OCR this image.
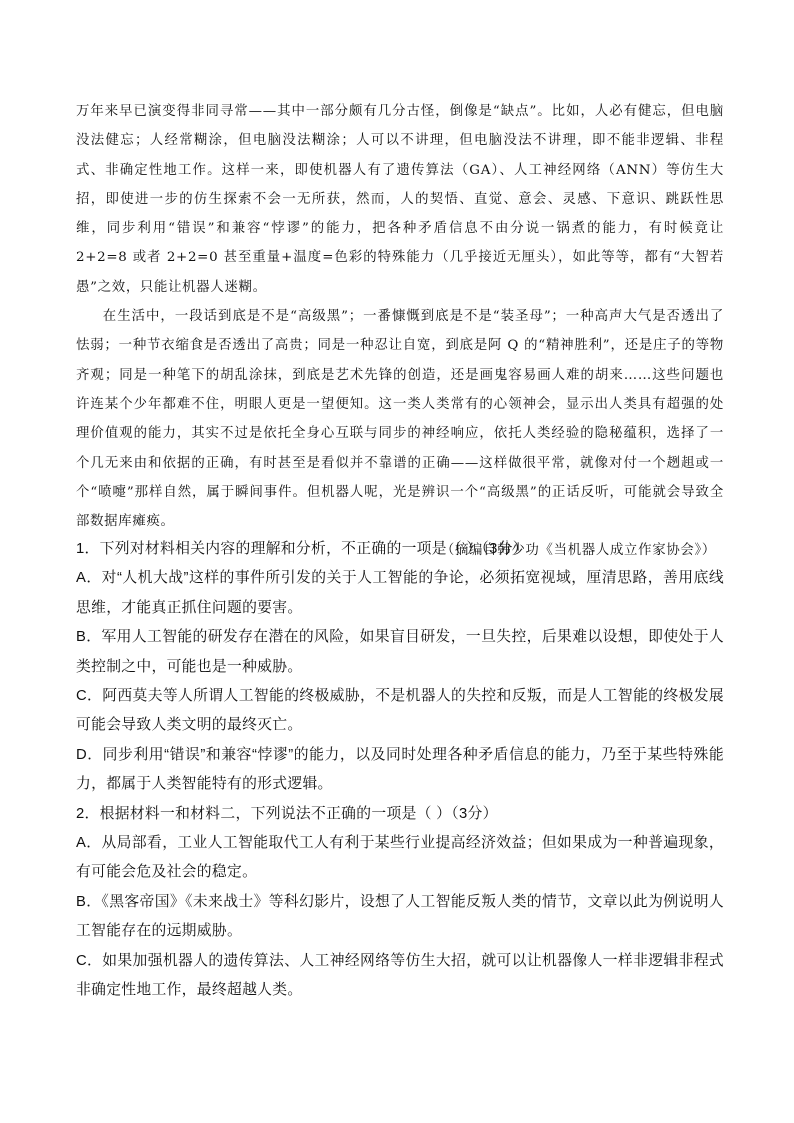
万年来早已演变得非同寻常——其中一部分颇有几分古怪，倒像是“缺点”。比如，人必有健忘，但电脑没法健忘；人经常糊涂，但电脑没法糊涂；人可以不讲理，但电脑没法不讲理，即不能非逻辑、非程式、非确定性地工作。这样一来，即使机器人有了遗传算法（GA）、人工神经网络（ANN）等仿生大招，即使进一步的仿生探索不会一无所获，然而，人的契悟、直觉、意会、灵感、下意识、跳跃性思维，同步利用“错误”和兼容“悖谬”的能力，把各种矛盾信息不由分说一锅煮的能力，有时候竟让 2+2=8 或者 2+2=0 甚至重量+温度=色彩的特殊能力（几乎接近无厘头），如此等等，都有“大智若愚”之效，只能让机器人迷糊。

在生活中，一段话到底是不是“高级黑”；一番慷慨到底是不是“装圣母”；一种高声大气是否透出了怯弱；一种节衣缩食是否透出了高贵；同是一种忍让自宽，到底是阿 Q 的“精神胜利”，还是庄子的等物齐观；同是一种笔下的胡乱涂抹，到底是艺术先锋的创造，还是画鬼容易画人难的胡来……这些问题也许连某个少年都难不住，明眼人更是一望便知。这一类人类常有的心领神会，显示出人类具有超强的处理价值观的能力，其实不过是依托全身心互联与同步的神经响应，依托人类经验的隐秘蕴积，选择了一个几无来由和依据的正确，有时甚至是看似并不靠谱的正确——这样做很平常，就像对付一个趔趄或一个“喷嚏”那样自然，属于瞬间事件。但机器人呢，光是辨识一个“高级黑”的正话反听，可能就会导致全部数据库瘫痪。

（摘编自韩少功《当机器人成立作家协会》）

1．下列对材料相关内容的理解和分析，不正确的一项是（ ）（3分）

A．对“人机大战”这样的事件所引发的关于人工智能的争论，必须拓宽视域，厘清思路，善用底线思维，才能真正抓住问题的要害。

B．军用人工智能的研发存在潜在的风险，如果盲目研发，一旦失控，后果难以设想，即使处于人类控制之中，可能也是一种威胁。

C．阿西莫夫等人所谓人工智能的终极威胁，不是机器人的失控和反叛，而是人工智能的终极发展可能会导致人类文明的最终灭亡。

D．同步利用“错误”和兼容“悖谬”的能力，以及同时处理各种矛盾信息的能力，乃至于某些特殊能力，都属于人类智能特有的形式逻辑。

2．根据材料一和材料二，下列说法不正确的一项是（ ）（3分）

A．从局部看，工业人工智能取代工人有利于某些行业提高经济效益；但如果成为一种普遍现象，有可能会危及社会的稳定。

B．《黑客帝国》《未来战士》等科幻影片，设想了人工智能反叛人类的情节，文章以此为例说明人工智能存在的远期威胁。

C．如果加强机器人的遗传算法、人工神经网络等仿生大招，就可以让机器像人一样非逻辑非程式非确定性地工作，最终超越人类。
